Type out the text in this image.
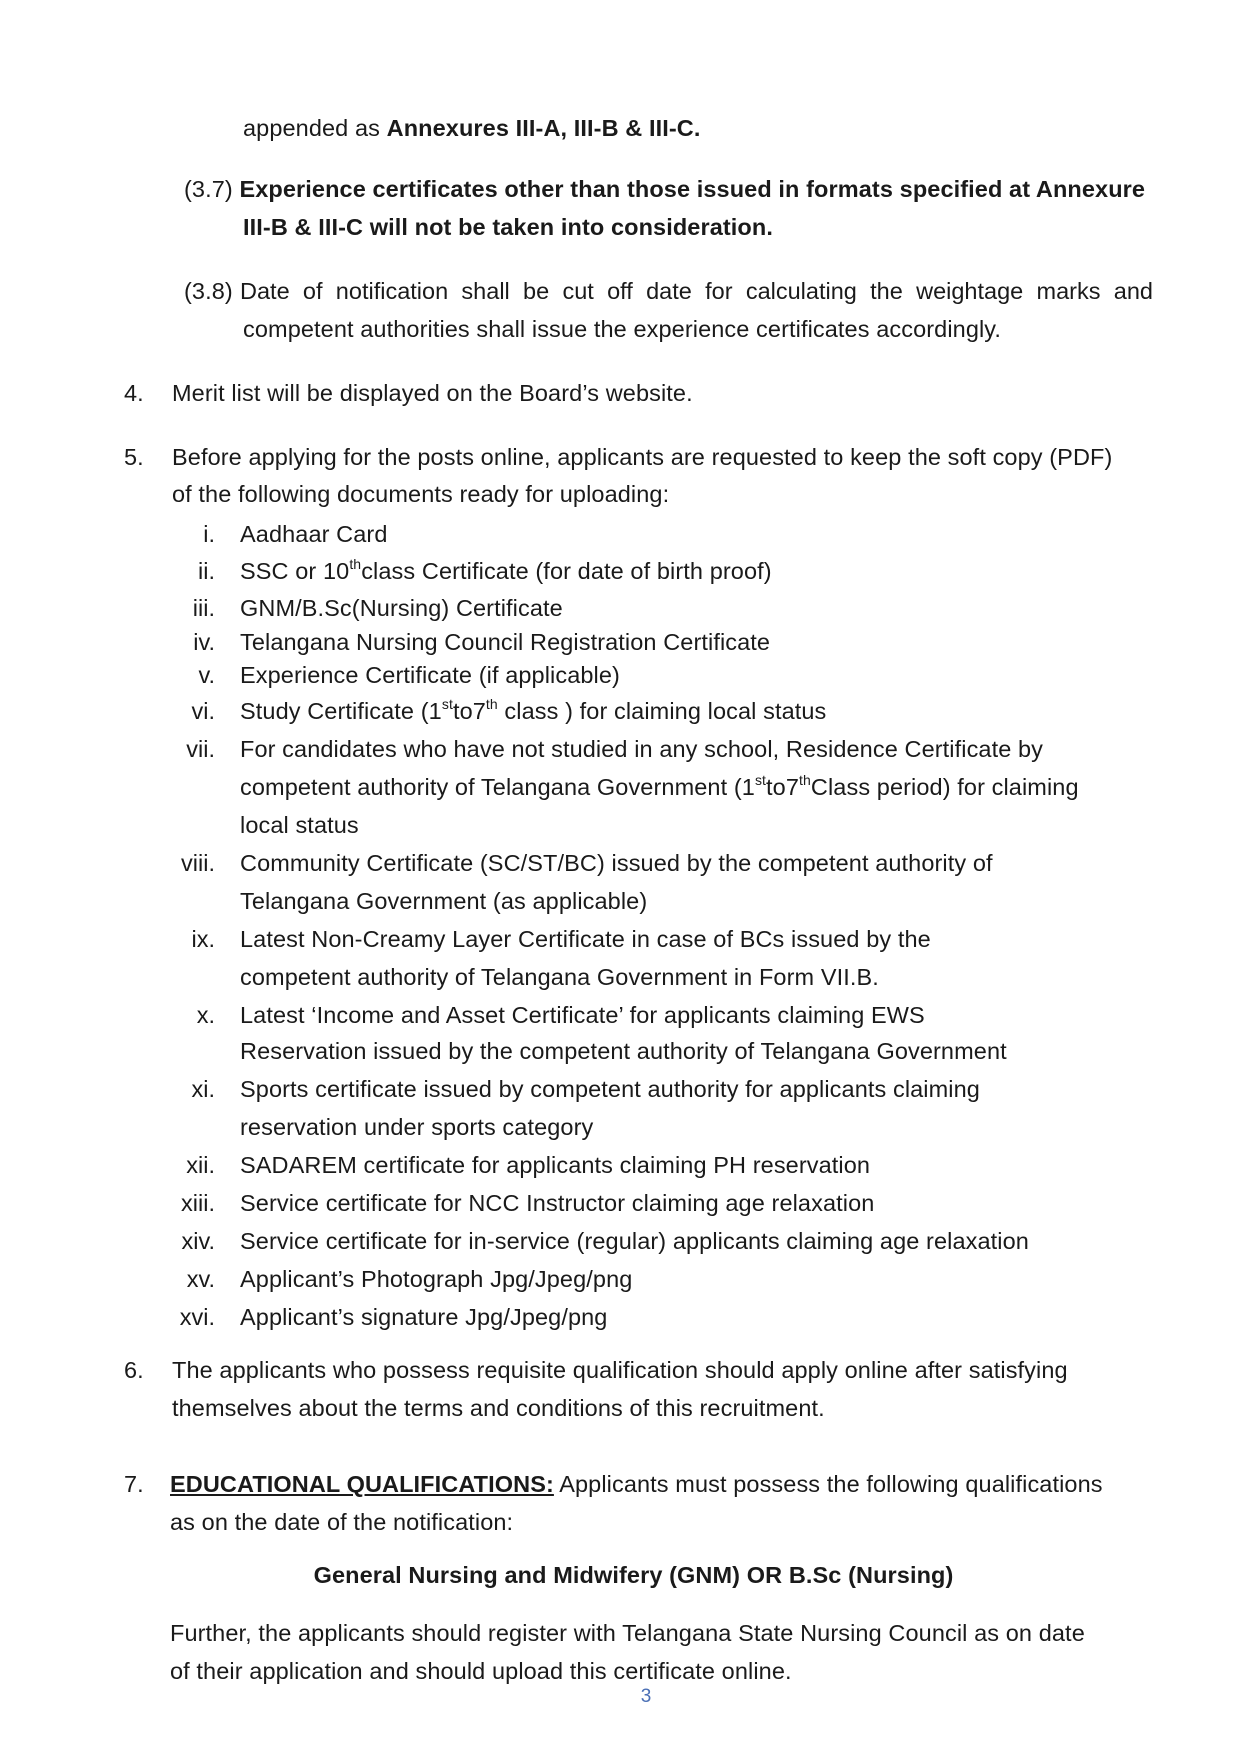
appended as Annexures III-A, III-B & III-C.
(3.7) Experience certificates other than those issued in formats specified at Annexure
III-B & III-C will not be taken into consideration.
(3.8) Date of notification shall be cut off date for calculating the weightage marks and
competent authorities shall issue the experience certificates accordingly.
4. Merit list will be displayed on the Board’s website.
5. Before applying for the posts online, applicants are requested to keep the soft copy (PDF)
of the following documents ready for uploading:
i. Aadhaar Card
ii. SSC or 10thclass Certificate (for date of birth proof)
iii. GNM/B.Sc(Nursing) Certificate
iv. Telangana Nursing Council Registration Certificate
v. Experience Certificate (if applicable)
vi. Study Certificate (1stto7th class ) for claiming local status
vii. For candidates who have not studied in any school, Residence Certificate by
competent authority of Telangana Government (1stto7thClass period) for claiming
local status
viii. Community Certificate (SC/ST/BC) issued by the competent authority of
Telangana Government (as applicable)
ix. Latest Non-Creamy Layer Certificate in case of BCs issued by the
competent authority of Telangana Government in Form VII.B.
x. Latest ‘Income and Asset Certificate’ for applicants claiming EWS
Reservation issued by the competent authority of Telangana Government
xi. Sports certificate issued by competent authority for applicants claiming
reservation under sports category
xii. SADAREM certificate for applicants claiming PH reservation
xiii. Service certificate for NCC Instructor claiming age relaxation
xiv. Service certificate for in-service (regular) applicants claiming age relaxation
xv. Applicant’s Photograph Jpg/Jpeg/png
xvi. Applicant’s signature Jpg/Jpeg/png
6. The applicants who possess requisite qualification should apply online after satisfying
themselves about the terms and conditions of this recruitment.
7. EDUCATIONAL QUALIFICATIONS: Applicants must possess the following qualifications
as on the date of the notification:
General Nursing and Midwifery (GNM) OR B.Sc (Nursing)
Further, the applicants should register with Telangana State Nursing Council as on date
of their application and should upload this certificate online.
3
